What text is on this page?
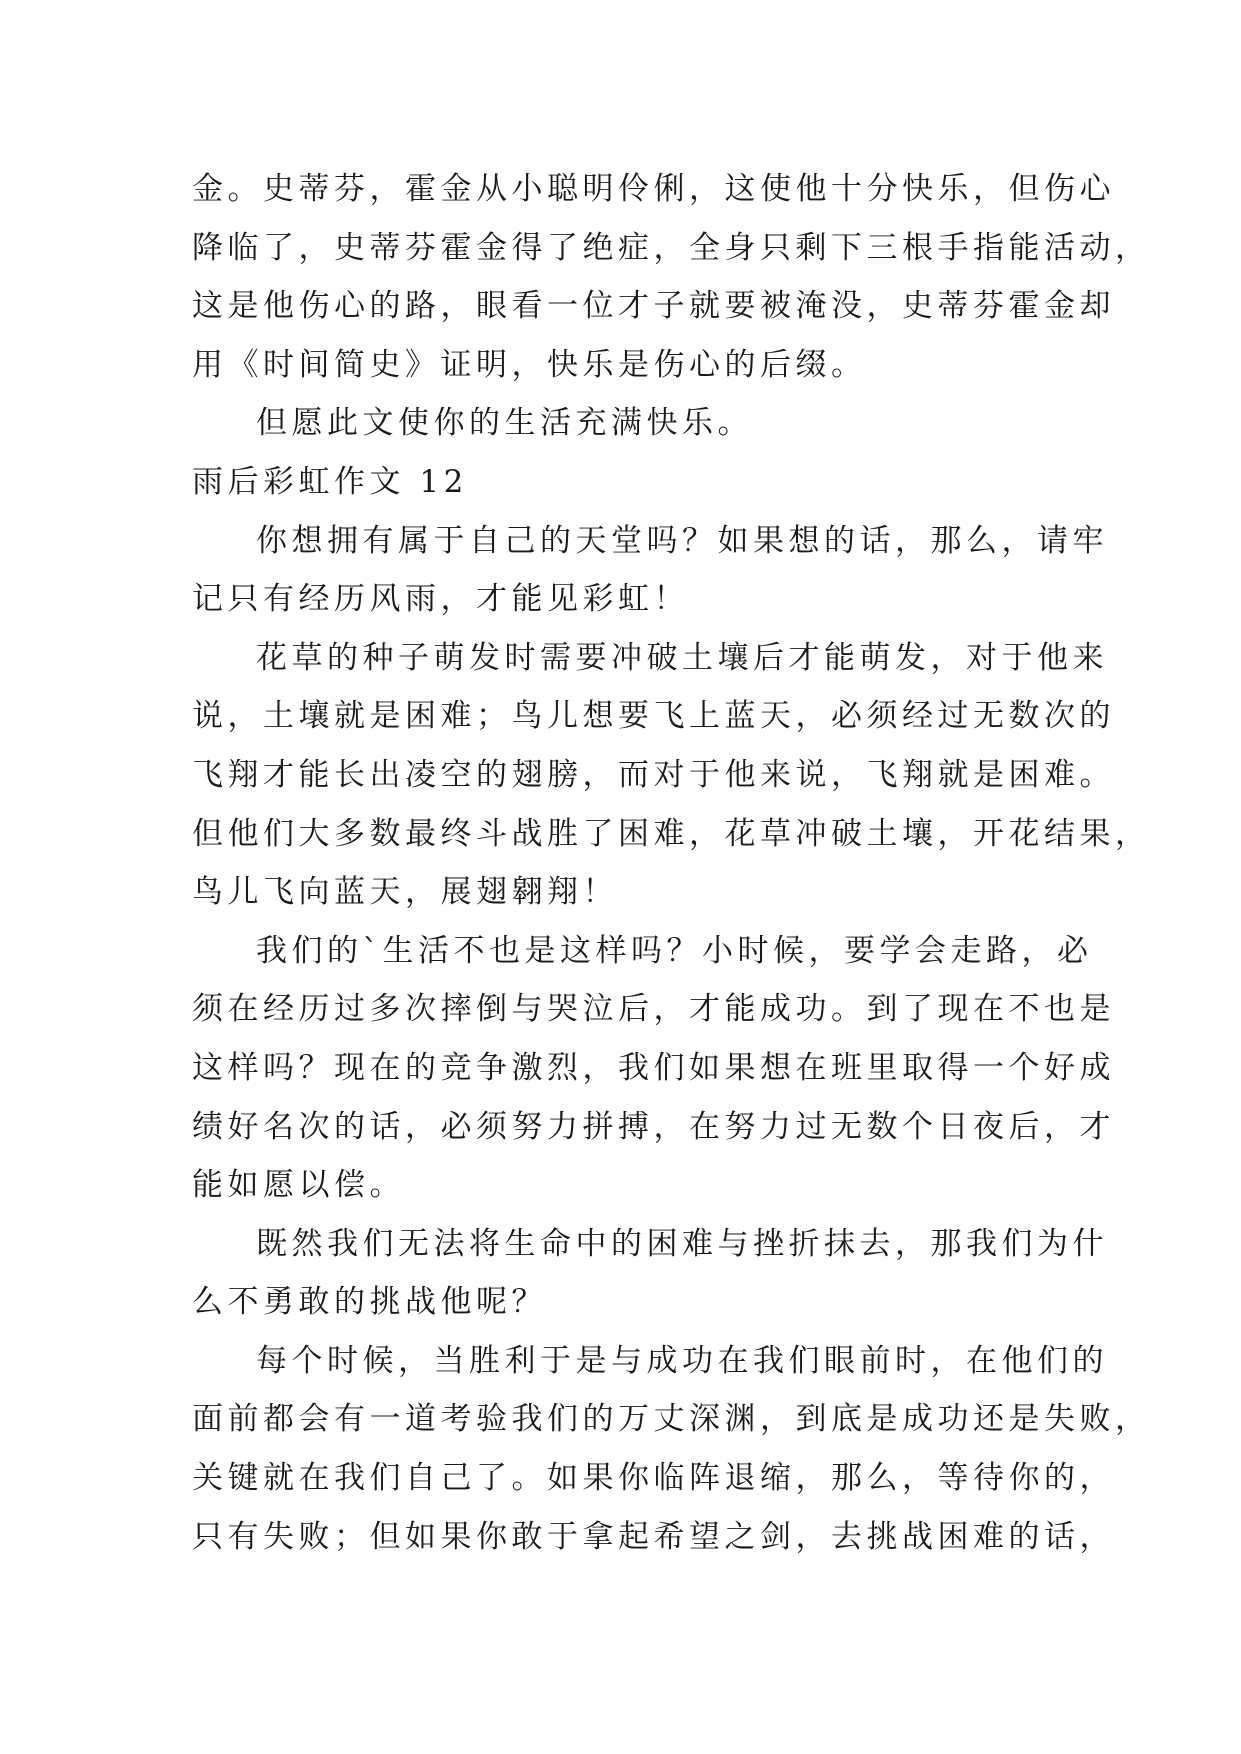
金。史蒂芬，霍金从小聪明伶俐，这使他十分快乐，但伤心
降临了，史蒂芬霍金得了绝症，全身只剩下三根手指能活动，
这是他伤心的路，眼看一位才子就要被淹没，史蒂芬霍金却
用《时间简史》证明，快乐是伤心的后缀。
但愿此文使你的生活充满快乐。
雨后彩虹作文 12
你想拥有属于自己的天堂吗？如果想的话，那么，请牢
记只有经历风雨，才能见彩虹！
花草的种子萌发时需要冲破土壤后才能萌发，对于他来
说，土壤就是困难；鸟儿想要飞上蓝天，必须经过无数次的
飞翔才能长出凌空的翅膀，而对于他来说，飞翔就是困难。
但他们大多数最终斗战胜了困难，花草冲破土壤，开花结果，
鸟儿飞向蓝天，展翅翱翔！
我们的`生活不也是这样吗？小时候，要学会走路，必
须在经历过多次摔倒与哭泣后，才能成功。到了现在不也是
这样吗？现在的竞争激烈，我们如果想在班里取得一个好成
绩好名次的话，必须努力拼搏，在努力过无数个日夜后，才
能如愿以偿。
既然我们无法将生命中的困难与挫折抹去，那我们为什
么不勇敢的挑战他呢？
每个时候，当胜利于是与成功在我们眼前时，在他们的
面前都会有一道考验我们的万丈深渊，到底是成功还是失败，
关键就在我们自己了。如果你临阵退缩，那么，等待你的，
只有失败；但如果你敢于拿起希望之剑，去挑战困难的话，
